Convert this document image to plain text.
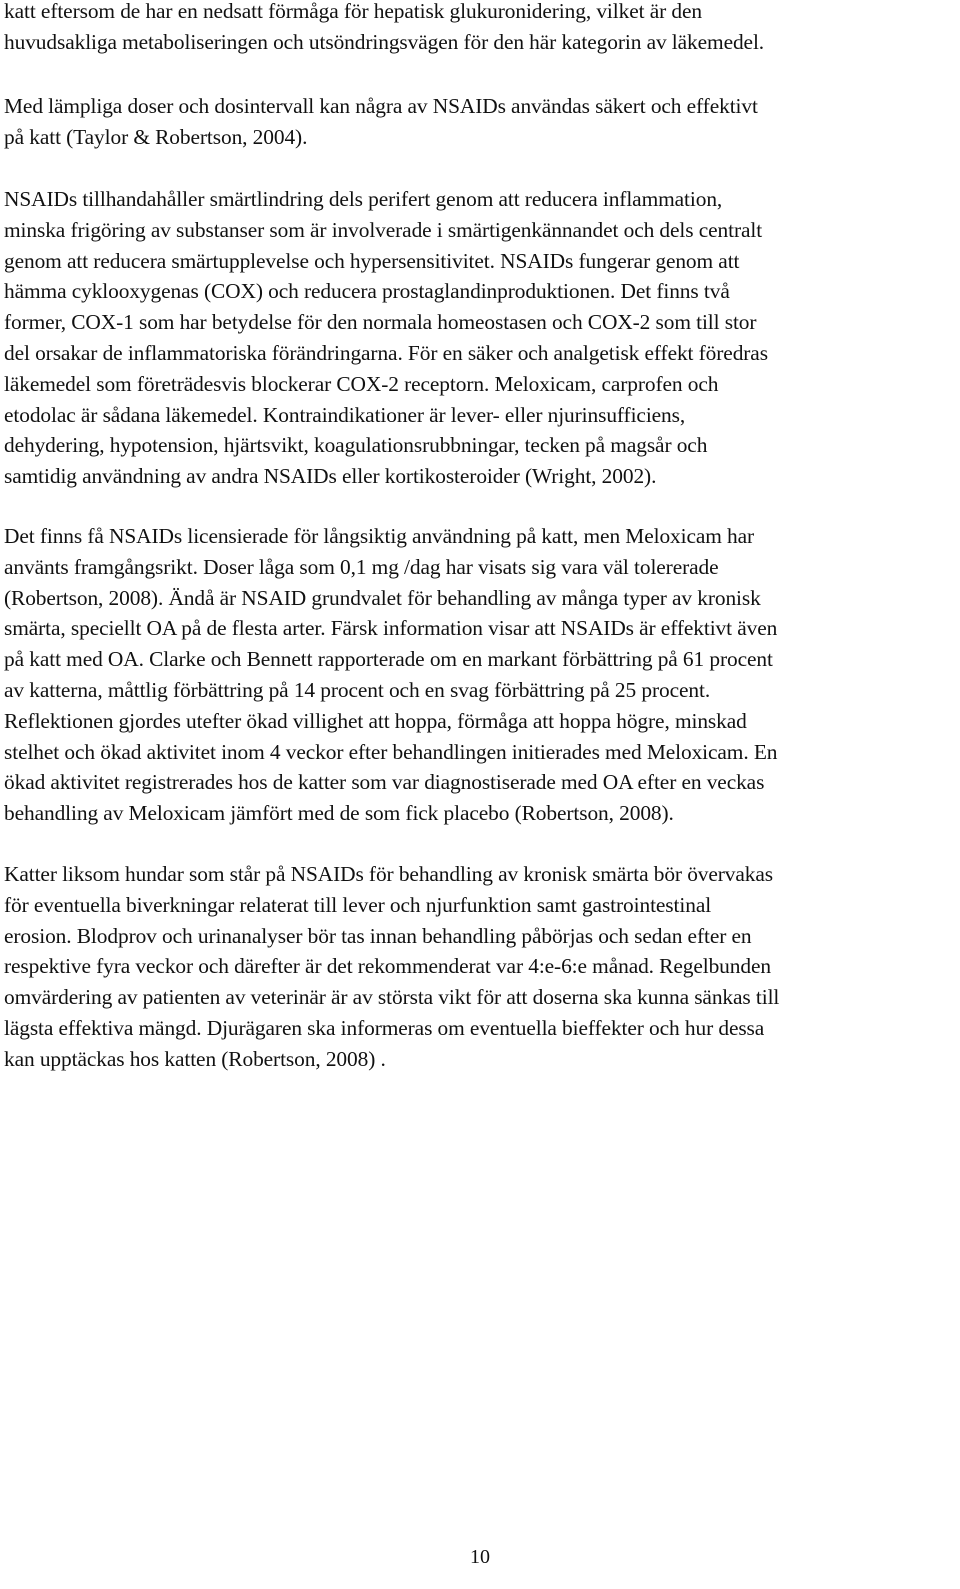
katt eftersom de har en nedsatt förmåga för hepatisk glukuronidering, vilket är den
huvudsakliga metaboliseringen och utsöndringsvägen för den här kategorin av läkemedel.

Med lämpliga doser och dosintervall kan några av NSAIDs användas säkert och effektivt
på katt (Taylor & Robertson, 2004).

NSAIDs tillhandahåller smärtlindring dels perifert genom att reducera inflammation,
minska frigöring av substanser som är involverade i smärtigenkännandet och dels centralt
genom att reducera smärtupplevelse och hypersensitivitet. NSAIDs fungerar genom att
hämma cyklooxygenas (COX) och reducera prostaglandinproduktionen. Det finns två
former, COX-1 som har betydelse för den normala homeostasen och COX-2 som till stor
del orsakar de inflammatoriska förändringarna. För en säker och analgetisk effekt föredras
läkemedel som företrädesvis blockerar COX-2 receptorn. Meloxicam, carprofen och
etodolac är sådana läkemedel. Kontraindikationer är lever- eller njurinsufficiens,
dehydering, hypotension, hjärtsvikt, koagulationsrubbningar, tecken på magsår och
samtidig användning av andra NSAIDs eller kortikosteroider (Wright, 2002).

Det finns få NSAIDs licensierade för långsiktig användning på katt, men Meloxicam har
använts framgångsrikt. Doser låga som 0,1 mg /dag har visats sig vara väl tolererade
(Robertson, 2008). Ändå är NSAID grundvalet för behandling av många typer av kronisk
smärta, speciellt OA på de flesta arter. Färsk information visar att NSAIDs är effektivt även
på katt med OA. Clarke och Bennett rapporterade om en markant förbättring på 61 procent
av katterna, måttlig förbättring på 14 procent och en svag förbättring på 25 procent.
Reflektionen gjordes utefter ökad villighet att hoppa, förmåga att hoppa högre, minskad
stelhet och ökad aktivitet inom 4 veckor efter behandlingen initierades med Meloxicam. En
ökad aktivitet registrerades hos de katter som var diagnostiserade med OA efter en veckas
behandling av Meloxicam jämfört med de som fick placebo (Robertson, 2008).

Katter liksom hundar som står på NSAIDs för behandling av kronisk smärta bör övervakas
för eventuella biverkningar relaterat till lever och njurfunktion samt gastrointestinal
erosion. Blodprov och urinanalyser bör tas innan behandling påbörjas och sedan efter en
respektive fyra veckor och därefter är det rekommenderat var 4:e-6:e månad. Regelbunden
omvärdering av patienten av veterinär är av största vikt för att doserna ska kunna sänkas till
lägsta effektiva mängd. Djurägaren ska informeras om eventuella bieffekter och hur dessa
kan upptäckas hos katten (Robertson, 2008) .

10
